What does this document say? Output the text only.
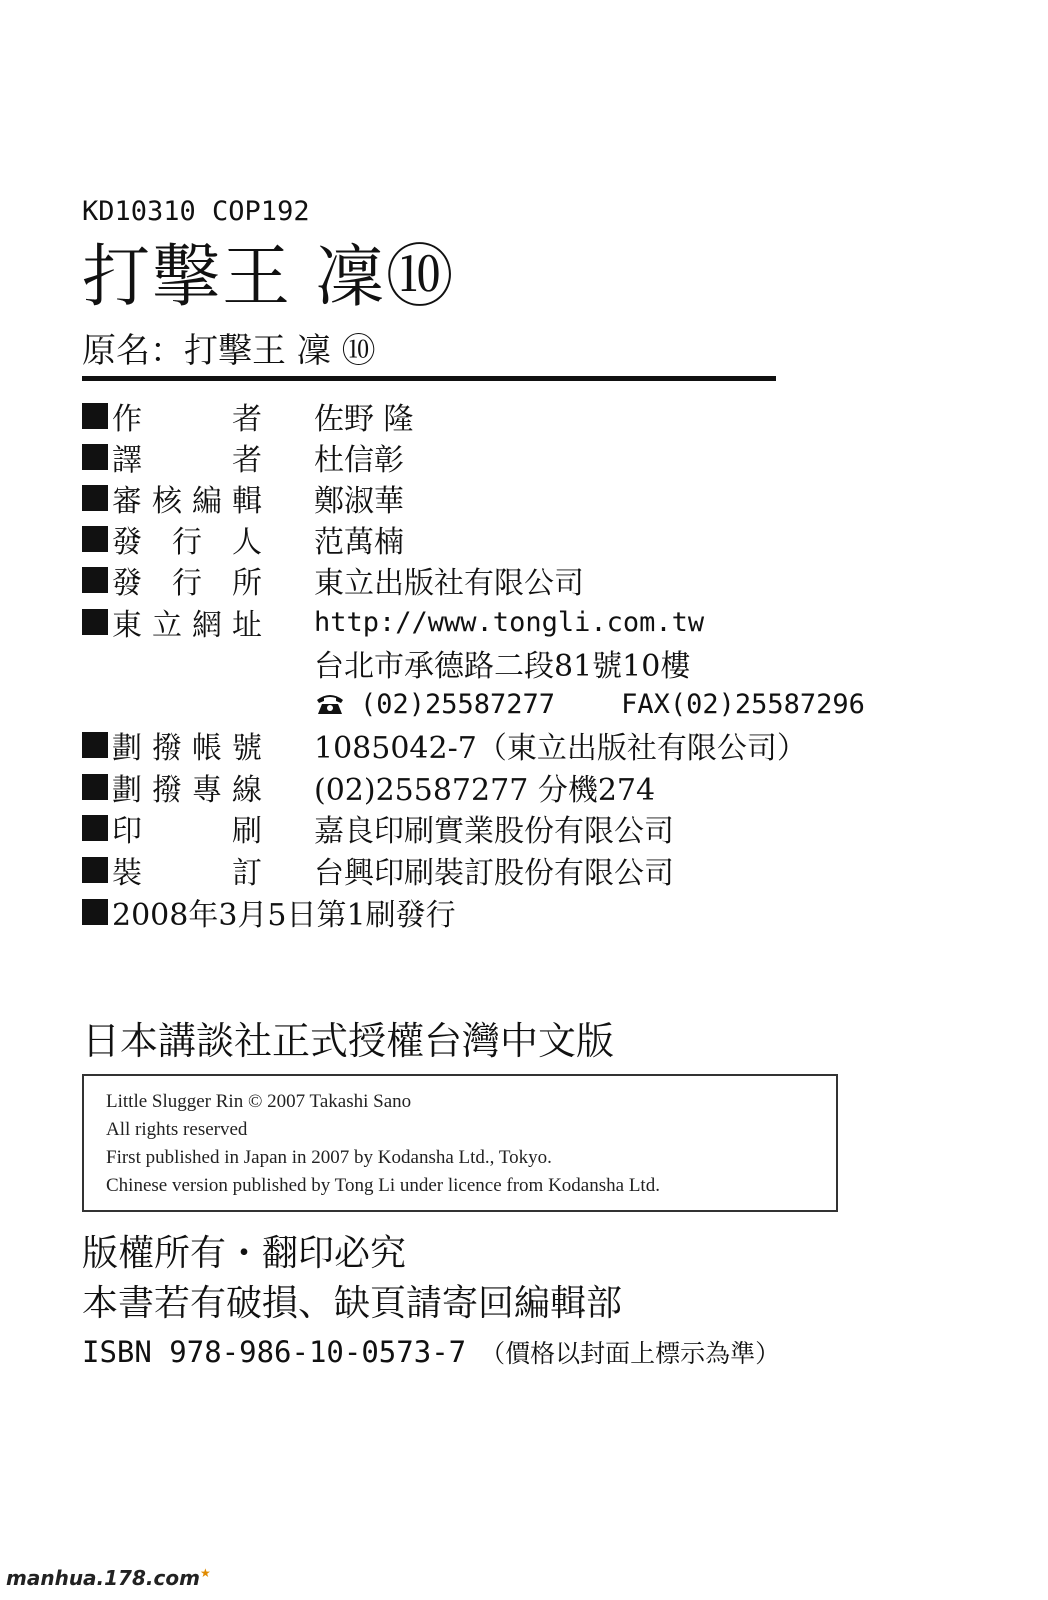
KD10310 COP192
打擊王 凜⑩
原名：打擊王 凜 ⑩
作　　者 佐野 隆
譯　　者 杜信彰
審核編輯 鄭淑華
發 行 人 范萬楠
發 行 所 東立出版社有限公司
東立網址 http://www.tongli.com.tw
台北市承德路二段81號10樓
(02)25587277 FAX(02)25587296
劃撥帳號 1085042-7（東立出版社有限公司）
劃撥專線 (02)25587277 分機274
印　　刷 嘉良印刷實業股份有限公司
裝　　訂 台興印刷裝訂股份有限公司
2008年3月5日第1刷發行
日本講談社正式授權台灣中文版
Little Slugger Rin © 2007 Takashi Sano
All rights reserved
First published in Japan in 2007 by Kodansha Ltd., Tokyo.
Chinese version published by Tong Li under licence from Kodansha Ltd.
版權所有・翻印必究
本書若有破損、缺頁請寄回編輯部
ISBN 978-986-10-0573-7 （價格以封面上標示為準）
manhua.178.com★
